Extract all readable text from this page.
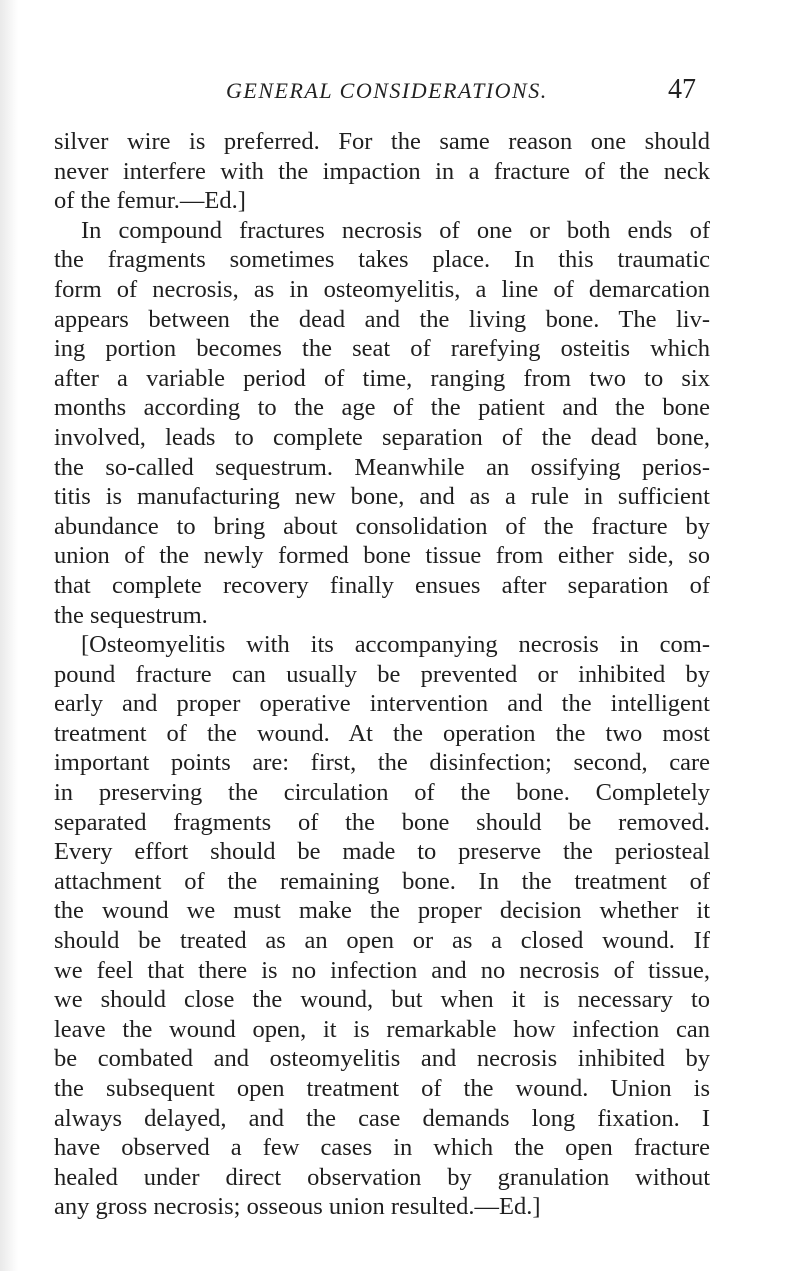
GENERAL CONSIDERATIONS.	47
silver wire is preferred. For the same reason one should
never interfere with the impaction in a fracture of the neck
of the femur.—Ed.]
In compound fractures necrosis of one or both ends of
the fragments sometimes takes place. In this traumatic
form of necrosis, as in osteomyelitis, a line of demarcation
appears between the dead and the living bone. The liv-
ing portion becomes the seat of rarefying osteitis which
after a variable period of time, ranging from two to six
months according to the age of the patient and the bone
involved, leads to complete separation of the dead bone,
the so-called sequestrum. Meanwhile an ossifying perios-
titis is manufacturing new bone, and as a rule in sufficient
abundance to bring about consolidation of the fracture by
union of the newly formed bone tissue from either side, so
that complete recovery finally ensues after separation of
the sequestrum.
[Osteomyelitis with its accompanying necrosis in com-
pound fracture can usually be prevented or inhibited by
early and proper operative intervention and the intelligent
treatment of the wound. At the operation the two most
important points are: first, the disinfection; second, care
in preserving the circulation of the bone. Completely
separated fragments of the bone should be removed.
Every effort should be made to preserve the periosteal
attachment of the remaining bone. In the treatment of
the wound we must make the proper decision whether it
should be treated as an open or as a closed wound. If
we feel that there is no infection and no necrosis of tissue,
we should close the wound, but when it is necessary to
leave the wound open, it is remarkable how infection can
be combated and osteomyelitis and necrosis inhibited by
the subsequent open treatment of the wound. Union is
always delayed, and the case demands long fixation. I
have observed a few cases in which the open fracture
healed under direct observation by granulation without
any gross necrosis; osseous union resulted.—Ed.]
